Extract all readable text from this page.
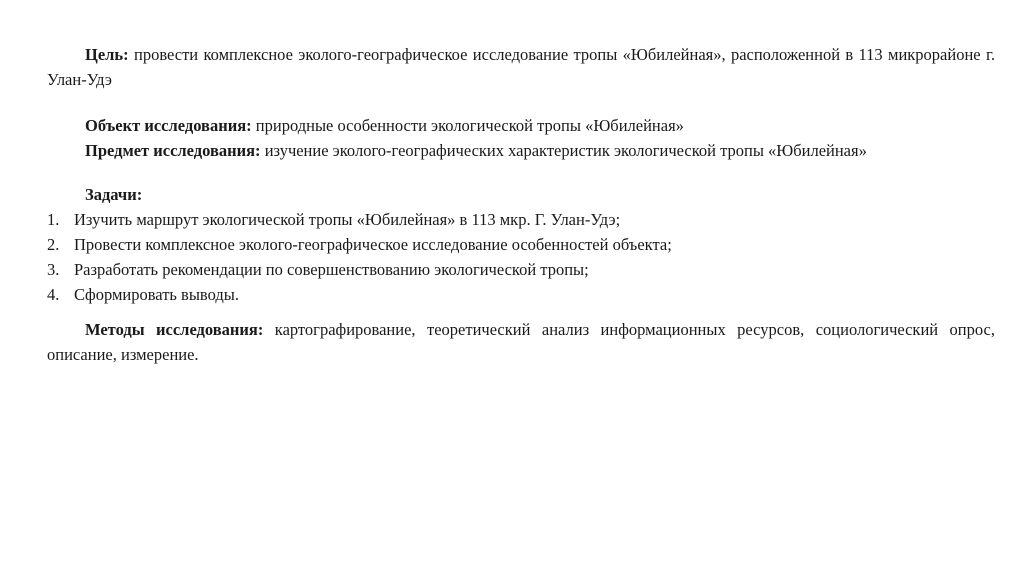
Цель: провести комплексное эколого-географическое исследование тропы «Юбилейная», расположенной в 113 микрорайоне г. Улан-Удэ

Объект исследования: природные особенности экологической тропы «Юбилейная»

Предмет исследования: изучение эколого-географических характеристик экологической тропы «Юбилейная»

Задачи:

1. Изучить маршрут экологической тропы «Юбилейная» в 113 мкр. Г. Улан-Удэ;
2. Провести комплексное эколого-географическое исследование особенностей объекта;
3. Разработать рекомендации по совершенствованию экологической тропы;
4. Сформировать выводы.

Методы исследования: картографирование, теоретический анализ информационных ресурсов, социологический опрос, описание, измерение.
